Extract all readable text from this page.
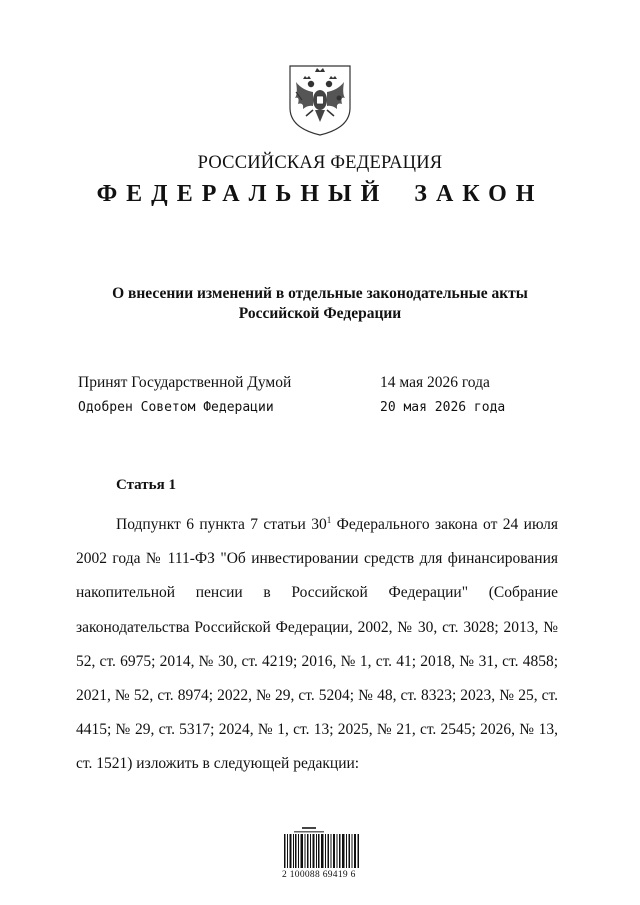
РОССИЙСКАЯ ФЕДЕРАЦИЯ
ФЕДЕРАЛЬНЫЙ ЗАКОН
О внесении изменений в отдельные законодательные акты
Российской Федерации
Принят Государственной Думой	14 мая 2026 года
Одобрен Советом Федерации	20 мая 2026 года
Статья 1
Подпункт 6 пункта 7 статьи $30^1$ Федерального закона от 24 июля 2002 года № 111-ФЗ "Об инвестировании средств для финансирования накопительной пенсии в Российской Федерации" (Собрание законодательства Российской Федерации, 2002, № 30, ст. 3028; 2013, № 52, ст. 6975; 2014, № 30, ст. 4219; 2016, № 1, ст. 41; 2018, № 31, ст. 4858; 2021, № 52, ст. 8974; 2022, № 29, ст. 5204; № 48, ст. 8323; 2023, № 25, ст. 4415; № 29, ст. 5317; 2024, № 1, ст. 13; 2025, № 21, ст. 2545; 2026, № 13, ст. 1521) изложить в следующей редакции:
2 100088 69419 6
